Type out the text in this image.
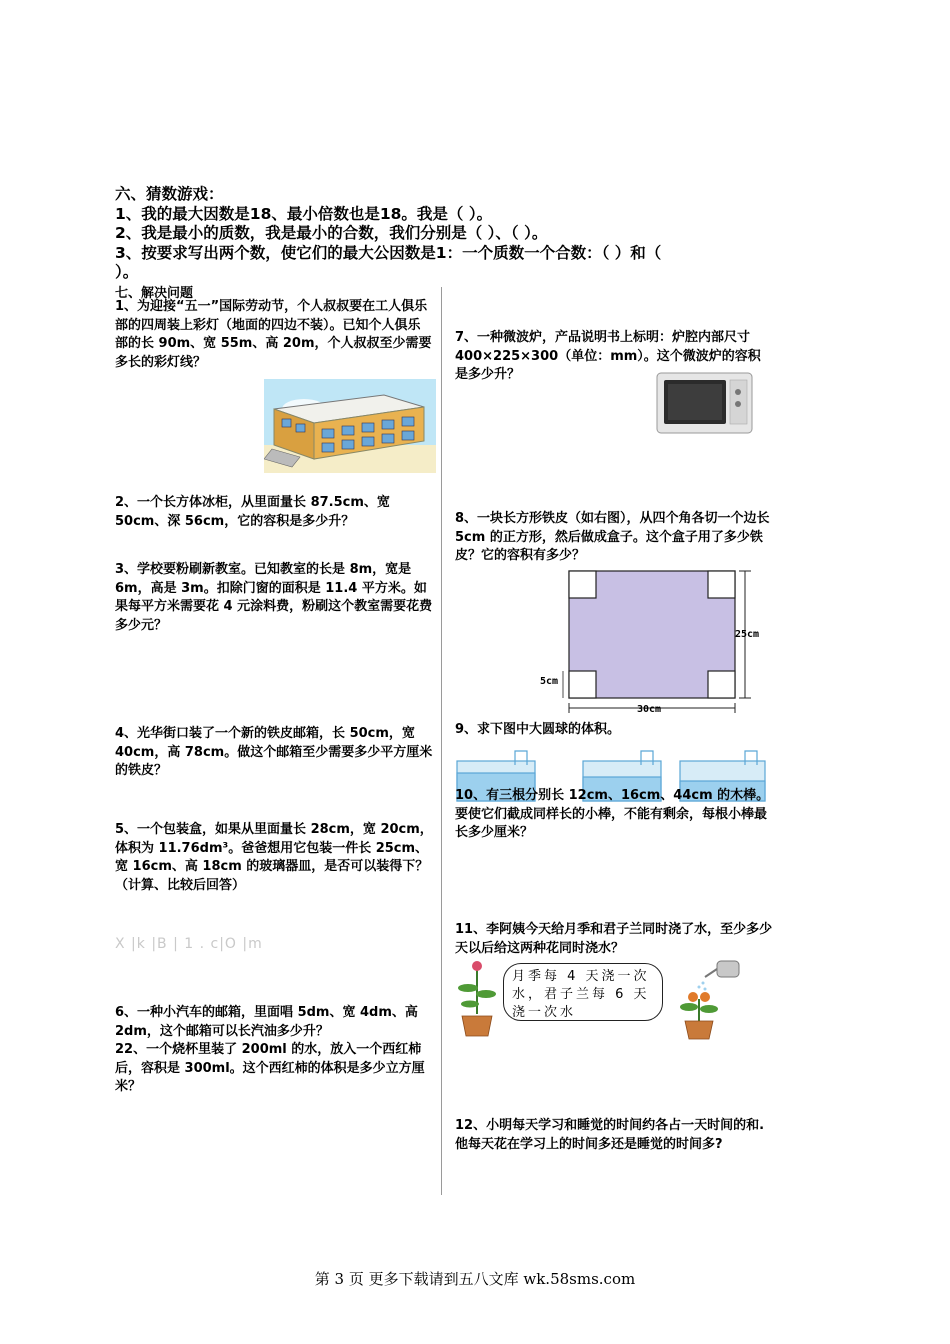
六、猜数游戏：
1、我的最大因数是18、最小倍数也是18。我是（ ）。
2、我是最小的质数，我是最小的合数，我们分别是（ ）、（ ）。
3、按要求写出两个数，使它们的最大公因数是1：一个质数一个合数：（ ）和（
）。
七、解决问题
1、为迎接“五一”国际劳动节，个人叔叔要在工人俱乐部的四周装上彩灯（地面的四边不装）。已知个人俱乐部的长 90m、宽 55m、高 20m，个人叔叔至少需要多长的彩灯线？
2、一个长方体冰柜，从里面量长 87.5cm、宽 50cm、深 56cm，它的容积是多少升？
3、学校要粉刷新教室。已知教室的长是 8m，宽是 6m，高是 3m。扣除门窗的面积是 11.4 平方米。如果每平方米需要花 4 元涂料费，粉刷这个教室需要花费多少元？
4、光华街口装了一个新的铁皮邮箱，长 50cm，宽 40cm，高 78cm。做这个邮箱至少需要多少平方厘米的铁皮？
5、一个包装盒，如果从里面量长 28cm，宽 20cm，体积为 11.76dm³。爸爸想用它包装一件长 25cm、宽 16cm、高 18cm 的玻璃器皿，是否可以装得下？（计算、比较后回答）
X |k |B | 1 . c|O |m
6、一种小汽车的邮箱，里面唱 5dm、宽 4dm、高 2dm，这个邮箱可以长汽油多少升？
22、一个烧杯里装了 200ml 的水，放入一个西红柿后，容积是 300ml。这个西红柿的体积是多少立方厘米？
7、一种微波炉，产品说明书上标明：炉腔内部尺寸 400×225×300（单位：mm）。这个微波炉的容积是多少升？
8、一块长方形铁皮（如右图），从四个角各切一个边长 5cm 的正方形，然后做成盒子。这个盒子用了多少铁皮？它的容积有多少？
25cm
5cm
30cm
9、求下图中大圆球的体积。
10、有三根分别长 12cm、16cm、44cm 的木棒。要使它们截成同样长的小棒，不能有剩余，每根小棒最长多少厘米？
11、李阿姨今天给月季和君子兰同时浇了水，至少多少天以后给这两种花同时浇水？
月季每 4 天浇一次水，君子兰每 6 天浇一次水
12、小明每天学习和睡觉的时间约各占一天时间的和. 他每天花在学习上的时间多还是睡觉的时间多?
第 3 页 更多下载请到五八文库 wk.58sms.com
